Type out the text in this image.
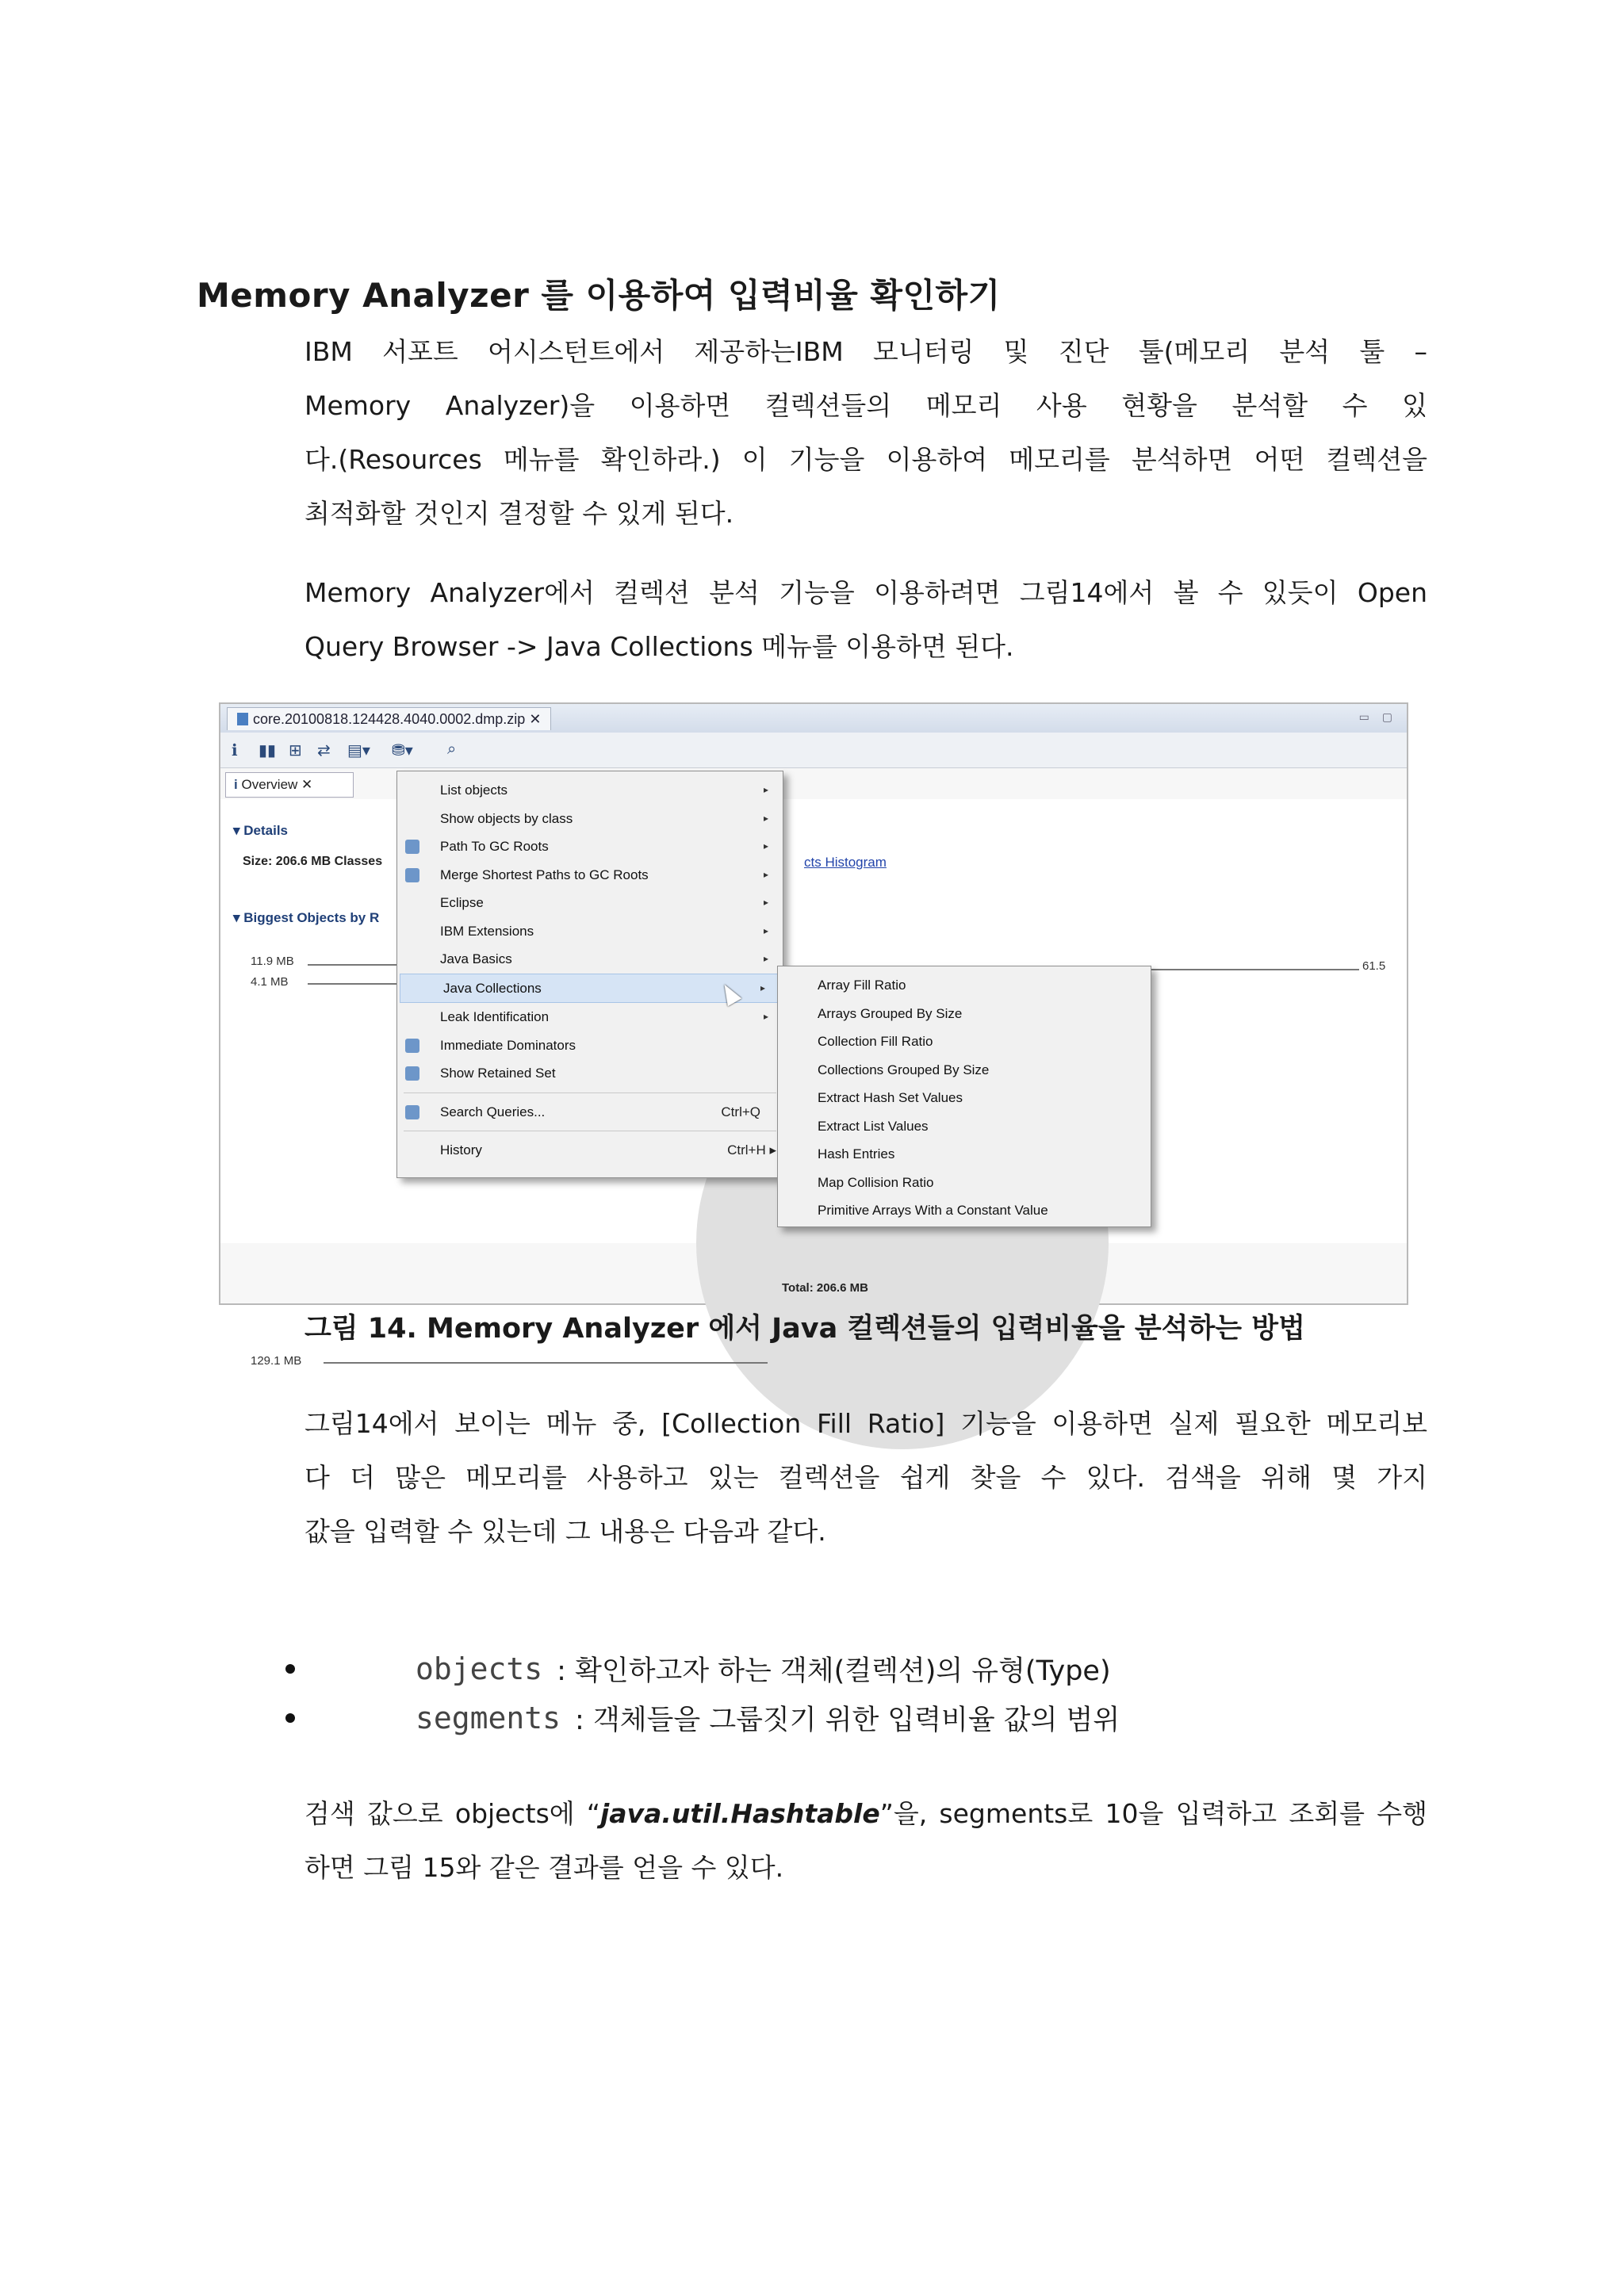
Memory Analyzer 를 이용하여 입력비율 확인하기
IBM 서포트 어시스턴트에서 제공하는IBM 모니터링 및 진단 툴(메모리 분석 툴 –
Memory Analyzer)을 이용하면 컬렉션들의 메모리 사용 현황을 분석할 수 있
다.(Resources 메뉴를 확인하라.) 이 기능을 이용하여 메모리를 분석하면 어떤 컬렉션을
최적화할 것인지 결정할 수 있게 된다.
Memory Analyzer에서 컬렉션 분석 기능을 이용하려면 그림14에서 볼 수 있듯이 Open
Query Browser -> Java Collections 메뉴를 이용하면 된다.
core.20100818.124428.4040.0002.dmp.zip ✕	▭ ▢
ℹ ▮▮ ⊞ ⇄ ▤▾ ⛃▾ ⌕
i Overview ✕
▾ Details
▾ Biggest Objects by R
11.9 MB
4.1 MB
129.1 MB
61.5
Size: 206.6 MB Classes	cts Histogram
Total: 206.6 MB
List objects	▸
Show objects by class	▸
Path To GC Roots	▸
Merge Shortest Paths to GC Roots	▸
Eclipse	▸
IBM Extensions	▸
Java Basics	▸
Java Collections	▸
Leak Identification	▸
Immediate Dominators
Show Retained Set
Search Queries...	Ctrl+Q
History	Ctrl+H ▸
Array Fill Ratio
Arrays Grouped By Size
Collection Fill Ratio
Collections Grouped By Size
Extract Hash Set Values
Extract List Values
Hash Entries
Map Collision Ratio
Primitive Arrays With a Constant Value
그림 14. Memory Analyzer 에서 Java 컬렉션들의 입력비율을 분석하는 방법
그림14에서 보이는 메뉴 중, [Collection Fill Ratio] 기능을 이용하면 실제 필요한 메모리보
다 더 많은 메모리를 사용하고 있는 컬렉션을 쉽게 찾을 수 있다. 검색을 위해 몇 가지
값을 입력할 수 있는데 그 내용은 다음과 같다.
objects : 확인하고자 하는 객체(컬렉션)의 유형(Type)
segments : 객체들을 그룹짓기 위한 입력비율 값의 범위
검색 값으로 objects에 “java.util.Hashtable”을, segments로 10을 입력하고 조회를 수행
하면 그림 15와 같은 결과를 얻을 수 있다.
